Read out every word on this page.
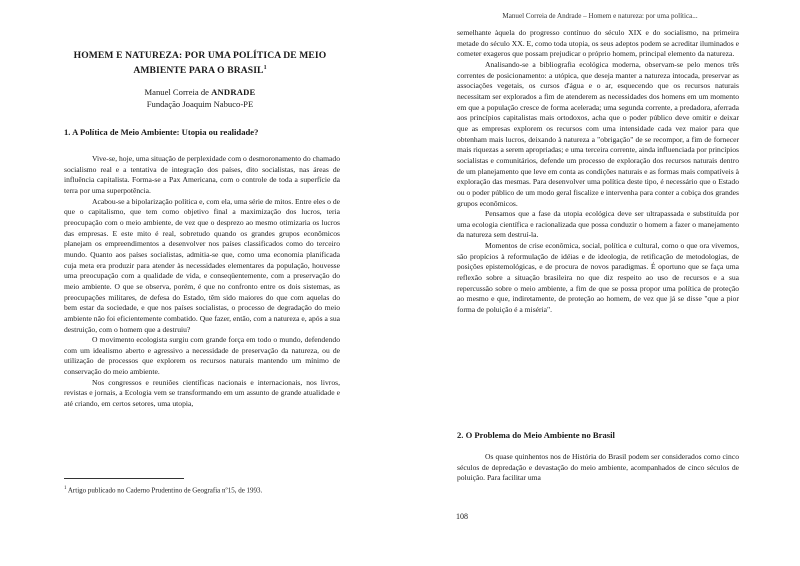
HOMEM E NATUREZA: POR UMA POLÍTICA DE MEIO AMBIENTE PARA O BRASIL$^1$
Manuel Correia de ANDRADE
Fundação Joaquim Nabuco-PE
1. A Política de Meio Ambiente: Utopia ou realidade?

Vive-se, hoje, uma situação de perplexidade com o desmoronamento do chamado socialismo real e a tentativa de integração dos países, dito socialistas, nas áreas de influência capitalista. Forma-se a Pax Americana, com o controle de toda a superfície da terra por uma superpotência.

Acabou-se a bipolarização política e, com ela, uma série de mitos. Entre eles o de que o capitalismo, que tem como objetivo final a maximização dos lucros, teria preocupação com o meio ambiente, de vez que o desprezo ao mesmo otimizaria os lucros das empresas. E este mito é real, sobretudo quando os grandes grupos econômicos planejam os empreendimentos a desenvolver nos países classificados como do terceiro mundo. Quanto aos países socialistas, admitia-se que, como uma economia planificada cuja meta era produzir para atender às necessidades elementares da população, houvesse uma preocupação com a qualidade de vida, e conseqüentemente, com a preservação do meio ambiente. O que se observa, porém, é que no confronto entre os dois sistemas, as preocupações militares, de defesa do Estado, têm sido maiores do que com aquelas do bem estar da sociedade, e que nos países socialistas, o processo de degradação do meio ambiente não foi eficientemente combatido. Que fazer, então, com a natureza e, após a sua destruição, com o homem que a destruiu?

O movimento ecologista surgiu com grande força em todo o mundo, defendendo com um idealismo aberto e agressivo a necessidade de preservação da natureza, ou de utilização de processos que explorem os recursos naturais mantendo um mínimo de conservação do meio ambiente.

Nos congressos e reuniões científicas nacionais e internacionais, nos livros, revistas e jornais, a Ecologia vem se transformando em um assunto de grande atualidade e até criando, em certos setores, uma utopia,

$^1$ Artigo publicado no Caderno Prudentino de Geografia nº15, de 1993.
Manuel Correia de Andrade – Homem e natureza: por uma política...

semelhante àquela do progresso contínuo do século XIX e do socialismo, na primeira metade do século XX. E, como toda utopia, os seus adeptos podem se acreditar iluminados e cometer exageros que possam prejudicar o próprio homem, principal elemento da natureza.

Analisando-se a bibliografia ecológica moderna, observam-se pelo menos três correntes de posicionamento: a utópica, que deseja manter a natureza intocada, preservar as associações vegetais, os cursos d'água e o ar, esquecendo que os recursos naturais necessitam ser explorados a fim de atenderem as necessidades dos homens em um momento em que a população cresce de forma acelerada; uma segunda corrente, a predadora, aferrada aos princípios capitalistas mais ortodoxos, acha que o poder público deve omitir e deixar que as empresas explorem os recursos com uma intensidade cada vez maior para que obtenham mais lucros, deixando à natureza a "obrigação" de se recompor, a fim de fornecer mais riquezas a serem apropriadas; e uma terceira corrente, ainda influenciada por princípios socialistas e comunitários, defende um processo de exploração dos recursos naturais dentro de um planejamento que leve em conta as condições naturais e as formas mais compatíveis à exploração das mesmas. Para desenvolver uma política deste tipo, é necessário que o Estado ou o poder público de um modo geral fiscalize e intervenha para conter a cobiça dos grandes grupos econômicos.

Pensamos que a fase da utopia ecológica deve ser ultrapassada e substituída por uma ecologia científica e racionalizada que possa conduzir o homem a fazer o manejamento da natureza sem destruí-la.

Momentos de crise econômica, social, política e cultural, como o que ora vivemos, são propícios à reformulação de idéias e de ideologia, de retificação de metodologias, de posições epistemológicas, e de procura de novos paradigmas. É oportuno que se faça uma reflexão sobre a situação brasileira no que diz respeito ao uso de recursos e a sua repercussão sobre o meio ambiente, a fim de que se possa propor uma política de proteção ao mesmo e que, indiretamente, de proteção ao homem, de vez que já se disse "que a pior forma de poluição é a miséria".

2. O Problema do Meio Ambiente no Brasil

Os quase quinhentos nos de História do Brasil podem ser considerados como cinco séculos de depredação e devastação do meio ambiente, acompanhados de cinco séculos de poluição. Para facilitar uma

108
